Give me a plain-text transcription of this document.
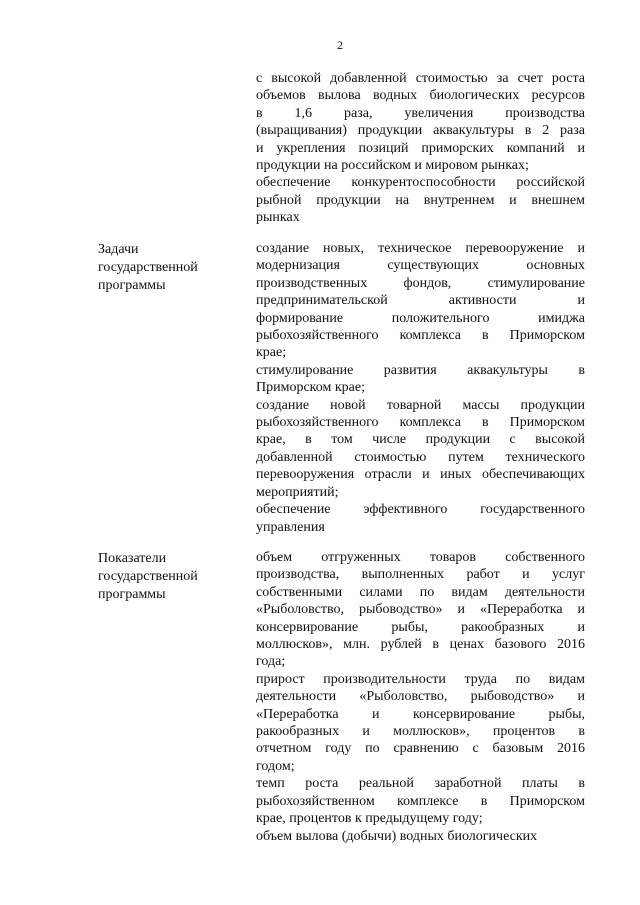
2
с высокой добавленной стоимостью за счет роста
объемов вылова водных биологических ресурсов
в 1,6 раза, увеличения производства
(выращивания) продукции аквакультуры в 2 раза
и укрепления позиций приморских компаний и
продукции на российском и мировом рынках;
обеспечение конкурентоспособности российской
рыбной продукции на внутреннем и внешнем
рынках
Задачи
государственной
программы
создание новых, техническое перевооружение и
модернизация существующих основных
производственных фондов, стимулирование
предпринимательской активности и
формирование положительного имиджа
рыбохозяйственного комплекса в Приморском
крае;
стимулирование развития аквакультуры в
Приморском крае;
создание новой товарной массы продукции
рыбохозяйственного комплекса в Приморском
крае, в том числе продукции с высокой
добавленной стоимостью путем технического
перевооружения отрасли и иных обеспечивающих
мероприятий;
обеспечение эффективного государственного
управления
Показатели
государственной
программы
объем отгруженных товаров собственного
производства, выполненных работ и услуг
собственными силами по видам деятельности
«Рыболовство, рыбоводство» и «Переработка и
консервирование рыбы, ракообразных и
моллюсков», млн. рублей в ценах базового 2016
года;
прирост производительности труда по видам
деятельности «Рыболовство, рыбоводство» и
«Переработка и консервирование рыбы,
ракообразных и моллюсков», процентов в
отчетном году по сравнению с базовым 2016
годом;
темп роста реальной заработной платы в
рыбохозяйственном комплексе в Приморском
крае, процентов к предыдущему году;
объем вылова (добычи) водных биологических
